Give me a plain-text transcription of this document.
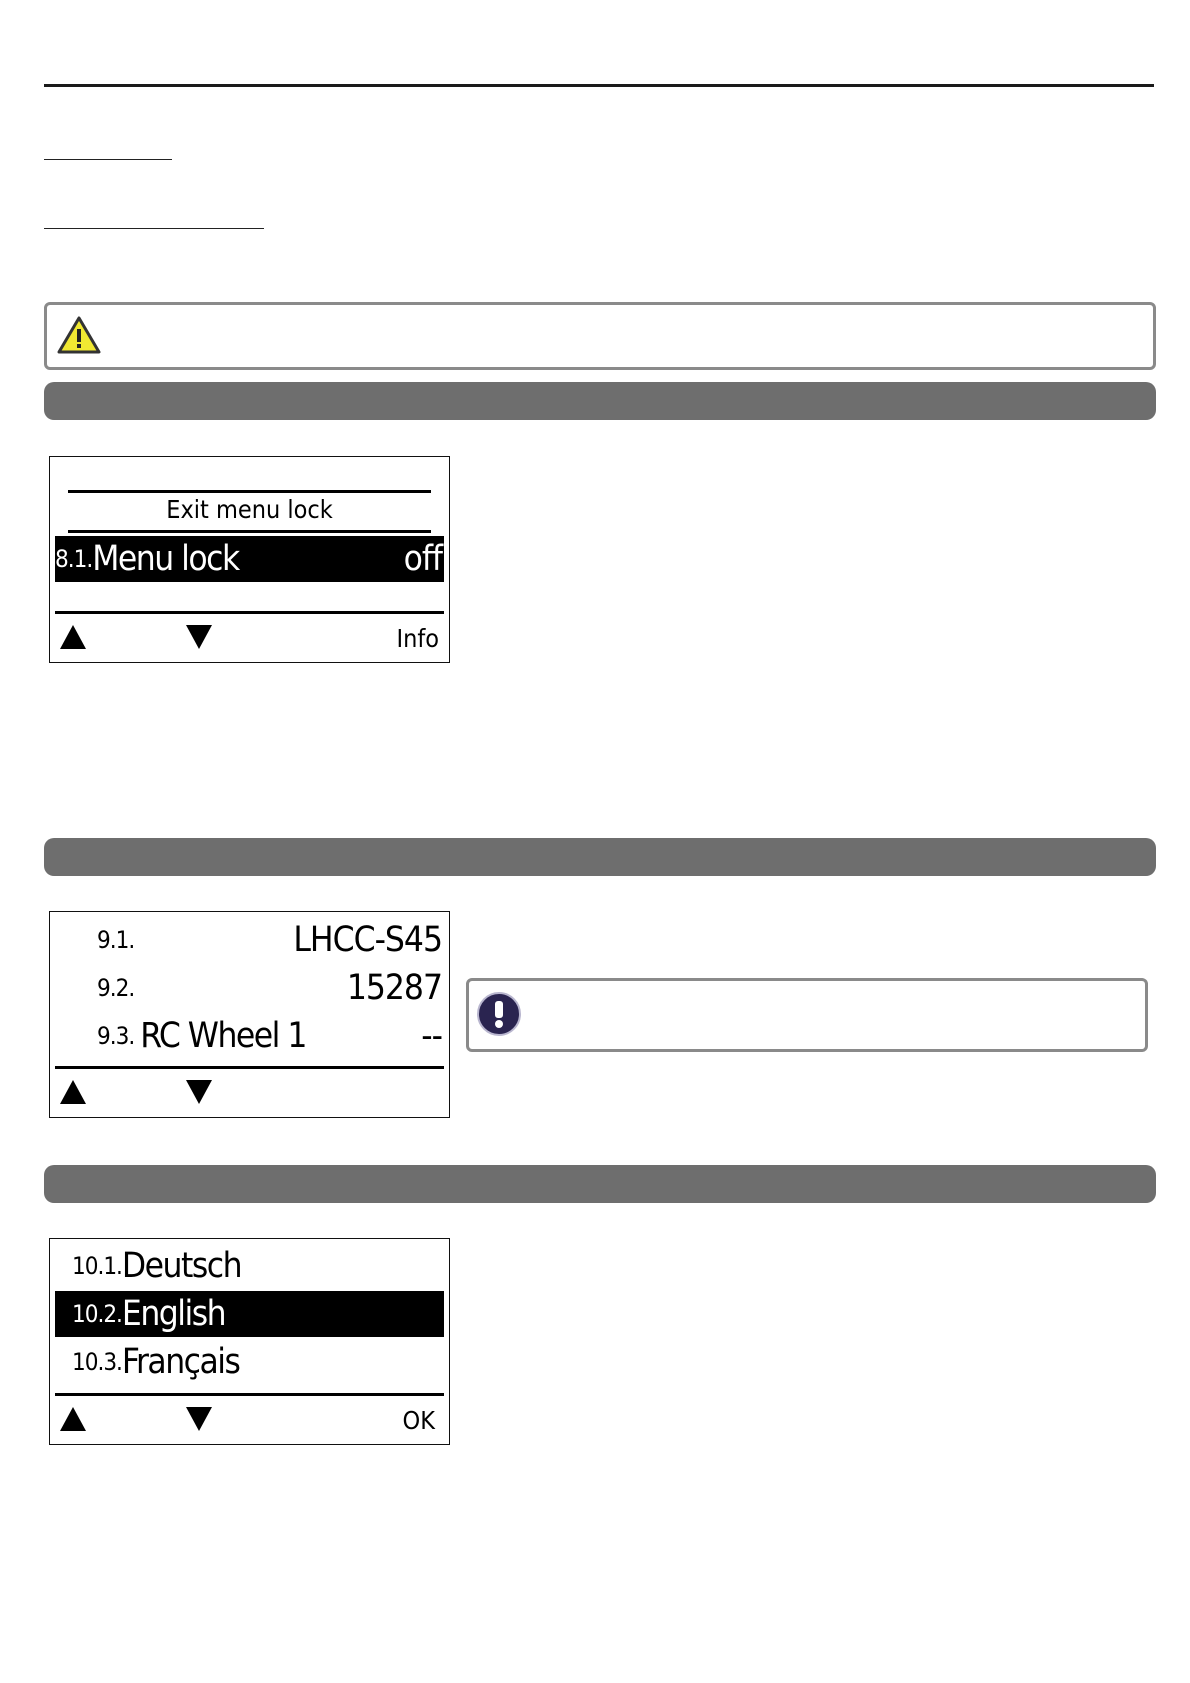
Exit menu lock
8.1. Menu lock	off
Info
9.1.	LHCC-S45
9.2.	15287
9.3. RC Wheel 1	--
10.1. Deutsch
10.2. English
10.3. Français
OK
